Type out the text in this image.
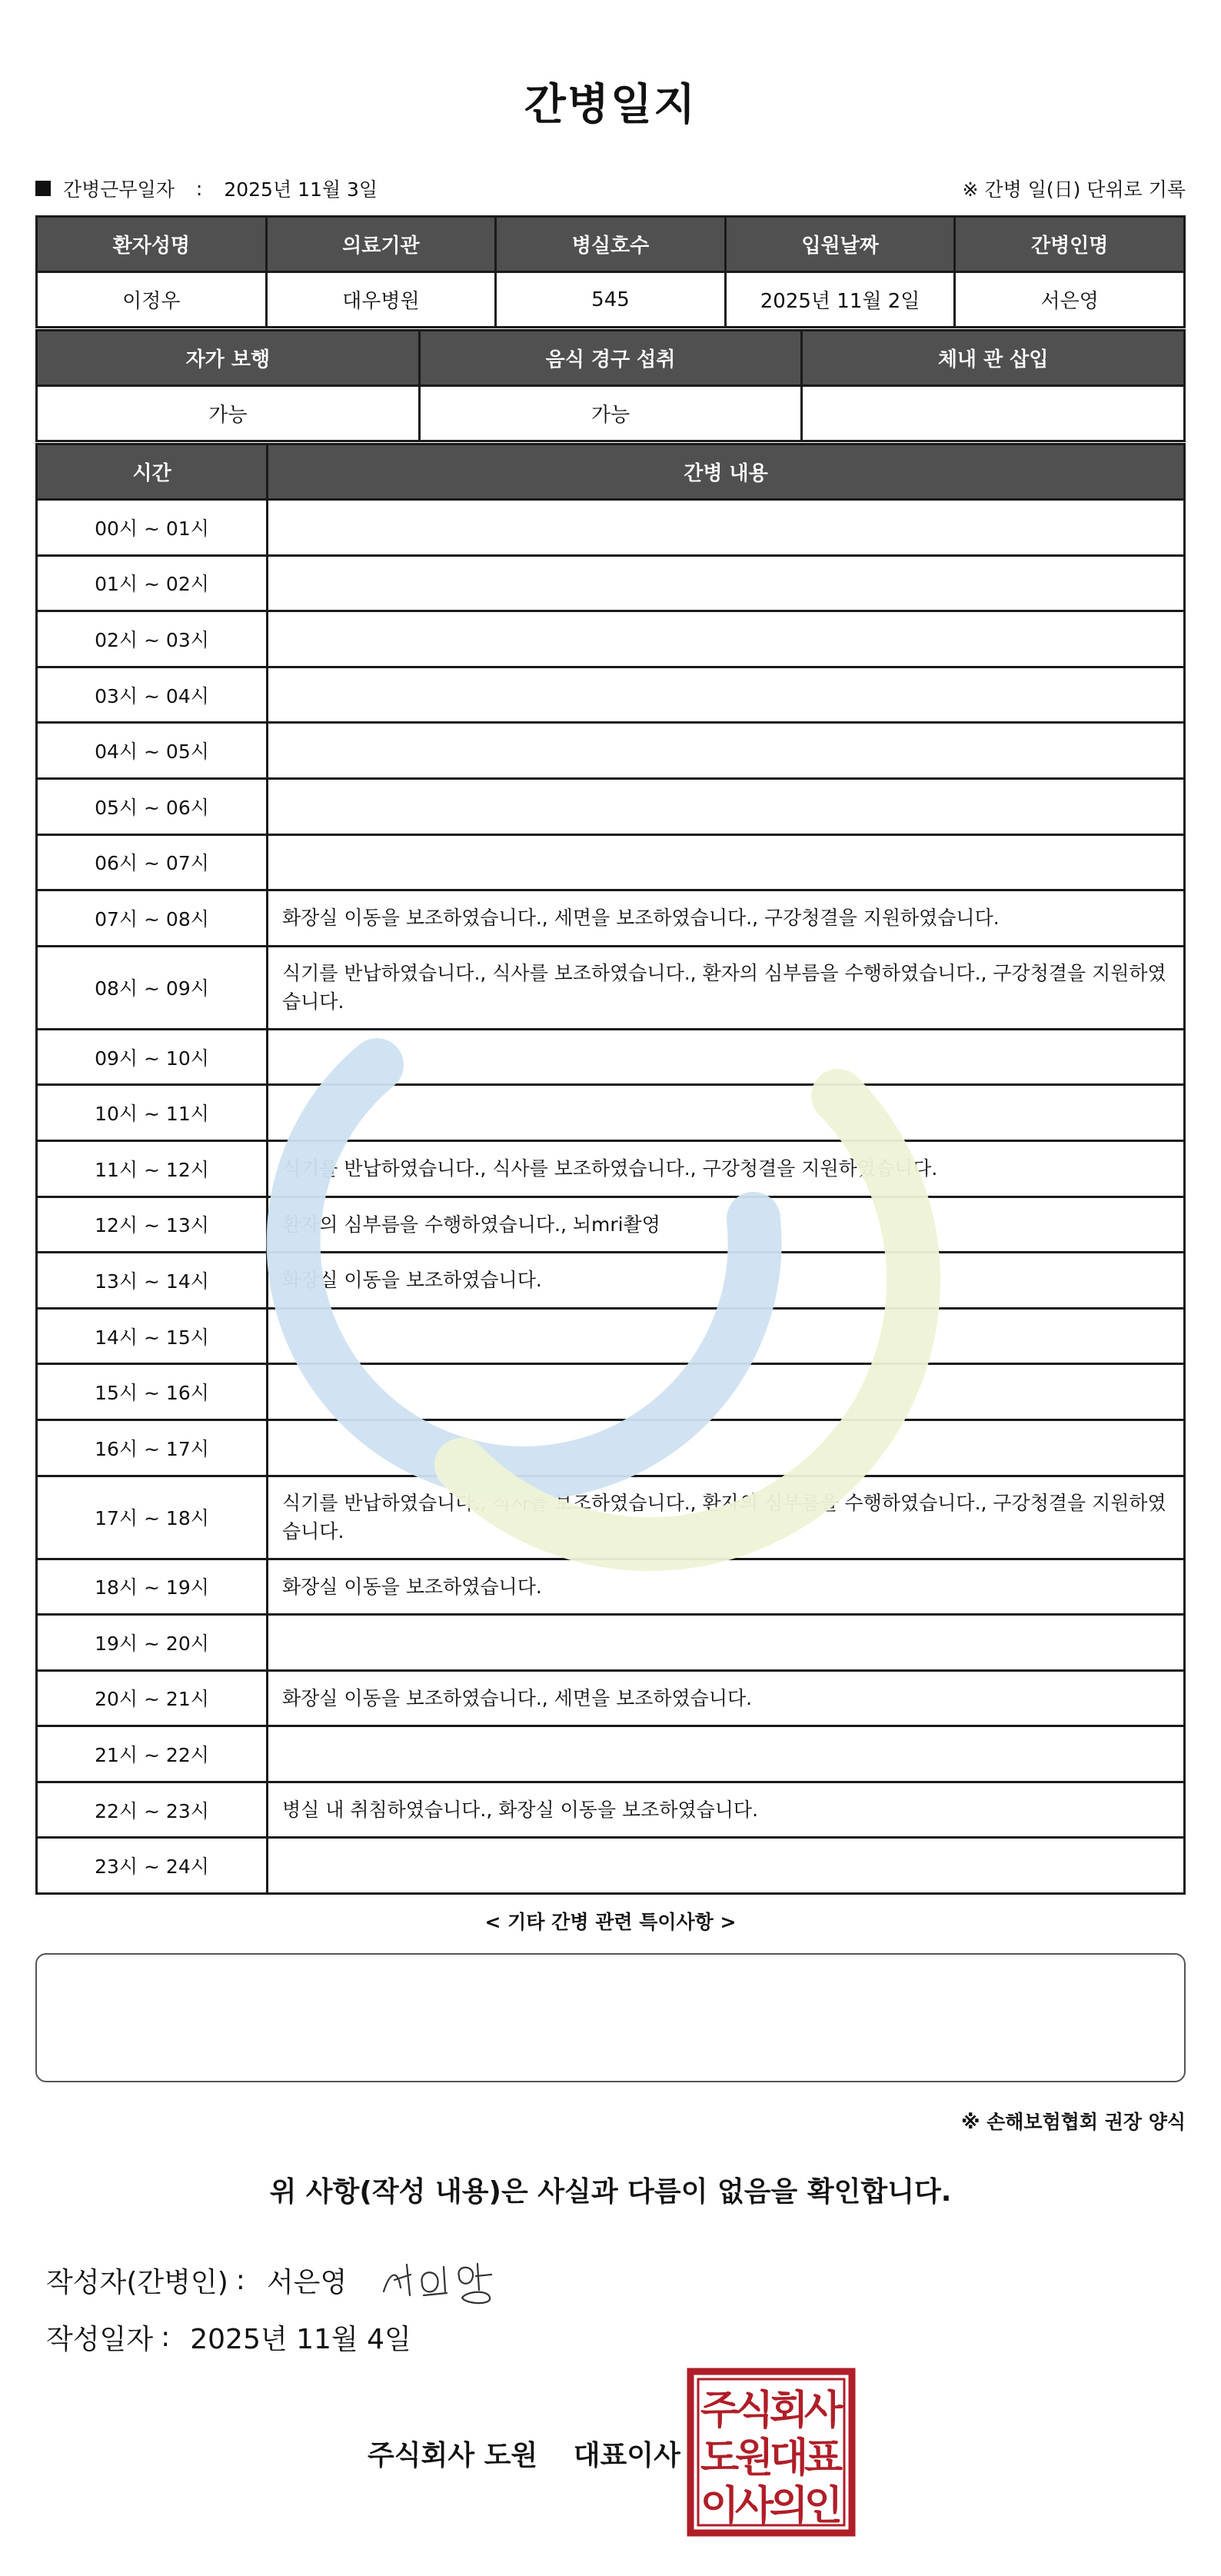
간병일지
간병근무일자 : 2025년 11월 3일	※ 간병 일(日) 단위로 기록
환자성명	의료기관	병실호수	입원날짜	간병인명
이정우	대우병원	545	2025년 11월 2일	서은영
자가 보행	음식 경구 섭취	체내 관 삽입
가능	가능	
시간	간병 내용
00시 ~ 01시	
01시 ~ 02시	
02시 ~ 03시	
03시 ~ 04시	
04시 ~ 05시	
05시 ~ 06시	
06시 ~ 07시	
07시 ~ 08시	화장실 이동을 보조하였습니다., 세면을 보조하였습니다., 구강청결을 지원하였습니다.
08시 ~ 09시	식기를 반납하였습니다., 식사를 보조하였습니다., 환자의 심부름을 수행하였습니다., 구강청결을 지원하였습니다.
09시 ~ 10시	
10시 ~ 11시	
11시 ~ 12시	식기를 반납하였습니다., 식사를 보조하였습니다., 구강청결을 지원하였습니다.
12시 ~ 13시	환자의 심부름을 수행하였습니다., 뇌mri촬영
13시 ~ 14시	화장실 이동을 보조하였습니다.
14시 ~ 15시	
15시 ~ 16시	
16시 ~ 17시	
17시 ~ 18시	식기를 반납하였습니다., 식사를 보조하였습니다., 환자의 심부름을 수행하였습니다., 구강청결을 지원하였습니다.
18시 ~ 19시	화장실 이동을 보조하였습니다.
19시 ~ 20시	
20시 ~ 21시	화장실 이동을 보조하였습니다., 세면을 보조하였습니다.
21시 ~ 22시	
22시 ~ 23시	병실 내 취침하였습니다., 화장실 이동을 보조하였습니다.
23시 ~ 24시	
< 기타 간병 관련 특이사항 >
※ 손해보험협회 권장 양식
위 사항(작성 내용)은 사실과 다름이 없음을 확인합니다.
작성자(간병인) : 서은영
작성일자 : 2025년 11월 4일
주식회사 도원 대표이사
주
식
회
사
도
원
대
표
이
사
의
인
